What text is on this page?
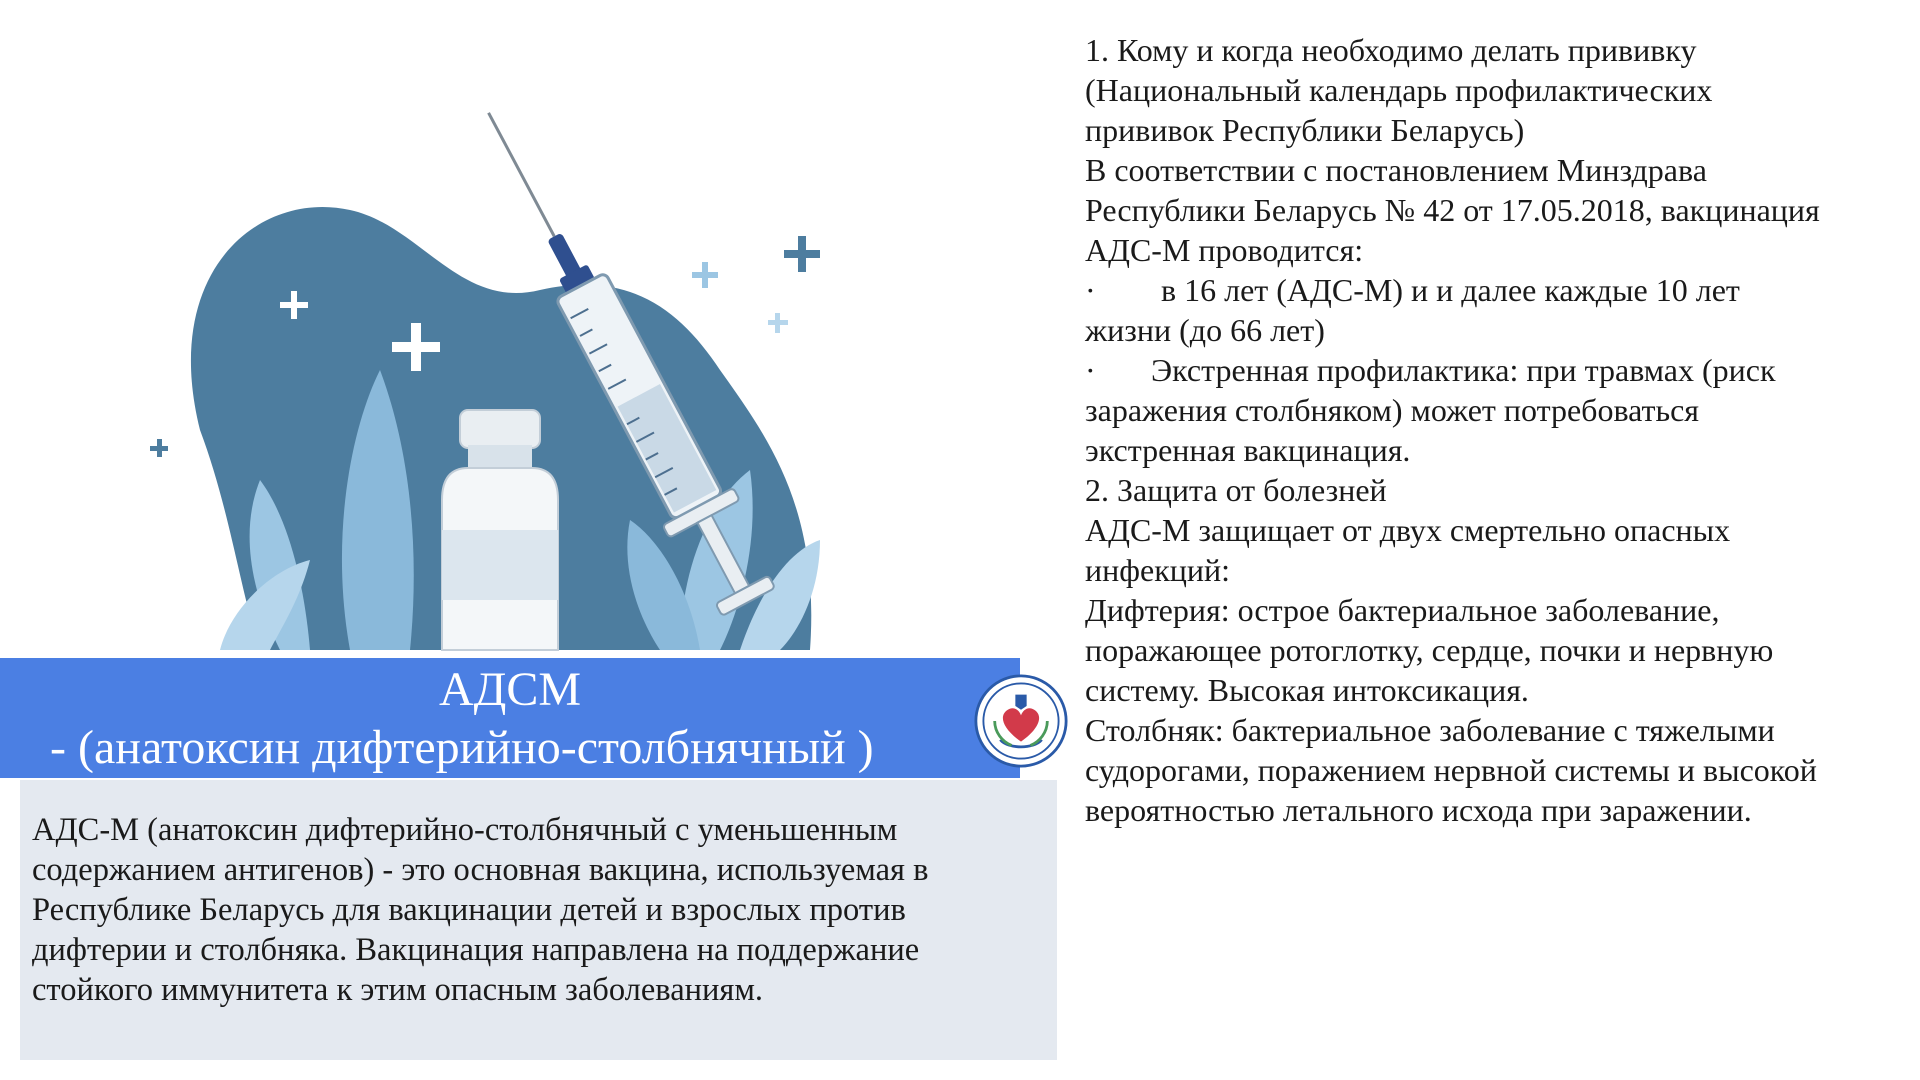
АДСМ
- (анатоксин дифтерийно-столбнячный )

АДС-М (анатоксин дифтерийно-столбнячный с уменьшенным

содержанием антигенов) - это основная вакцина, используемая в

Республике Беларусь для вакцинации детей и взрослых против

дифтерии и столбняка. Вакцинация направлена на поддержание

стойкого иммунитета к этим опасным заболеваниям.

1. Кому и когда необходимо делать прививку
(Национальный календарь профилактических
прививок Республики Беларусь)
В соответствии с постановлением Минздрава
Республики Беларусь № 42 от 17.05.2018, вакцинация
АДС-М проводится:
· в 16 лет (АДС-М) и и далее каждые 10 лет
жизни (до 66 лет)
· Экстренная профилактика: при травмах (риск
заражения столбняком) может потребоваться
экстренная вакцинация.
2. Защита от болезней
АДС-М защищает от двух смертельно опасных
инфекций:
Дифтерия: острое бактериальное заболевание,
поражающее ротоглотку, сердце, почки и нервную
систему. Высокая интоксикация.
Столбняк: бактериальное заболевание с тяжелыми
судорогами, поражением нервной системы и высокой
вероятностью летального исхода при заражении.
